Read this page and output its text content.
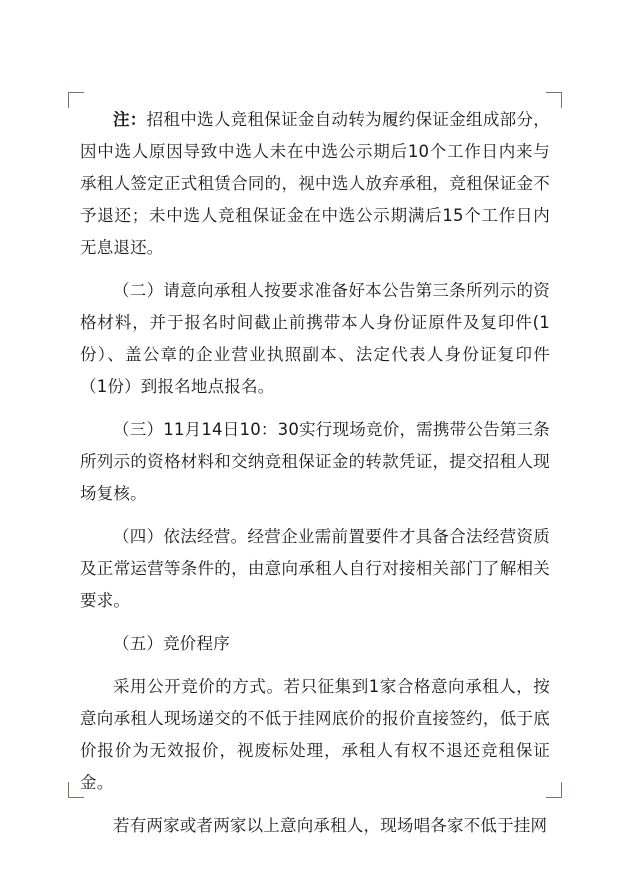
注：招租中选人竞租保证金自动转为履约保证金组成部分，因中选人原因导致中选人未在中选公示期后10个工作日内来与承租人签定正式租赁合同的，视中选人放弃承租，竞租保证金不予退还；未中选人竞租保证金在中选公示期满后15个工作日内无息退还。

（二）请意向承租人按要求准备好本公告第三条所列示的资格材料，并于报名时间截止前携带本人身份证原件及复印件(1份）、盖公章的企业营业执照副本、法定代表人身份证复印件（1份）到报名地点报名。

（三）11月14日10：30实行现场竞价，需携带公告第三条所列示的资格材料和交纳竞租保证金的转款凭证，提交招租人现场复核。

（四）依法经营。经营企业需前置要件才具备合法经营资质及正常运营等条件的，由意向承租人自行对接相关部门了解相关要求。

（五）竞价程序

采用公开竞价的方式。若只征集到1家合格意向承租人，按意向承租人现场递交的不低于挂网底价的报价直接签约，低于底价报价为无效报价，视废标处理，承租人有权不退还竞租保证金。

若有两家或者两家以上意向承租人，现场唱各家不低于挂网
